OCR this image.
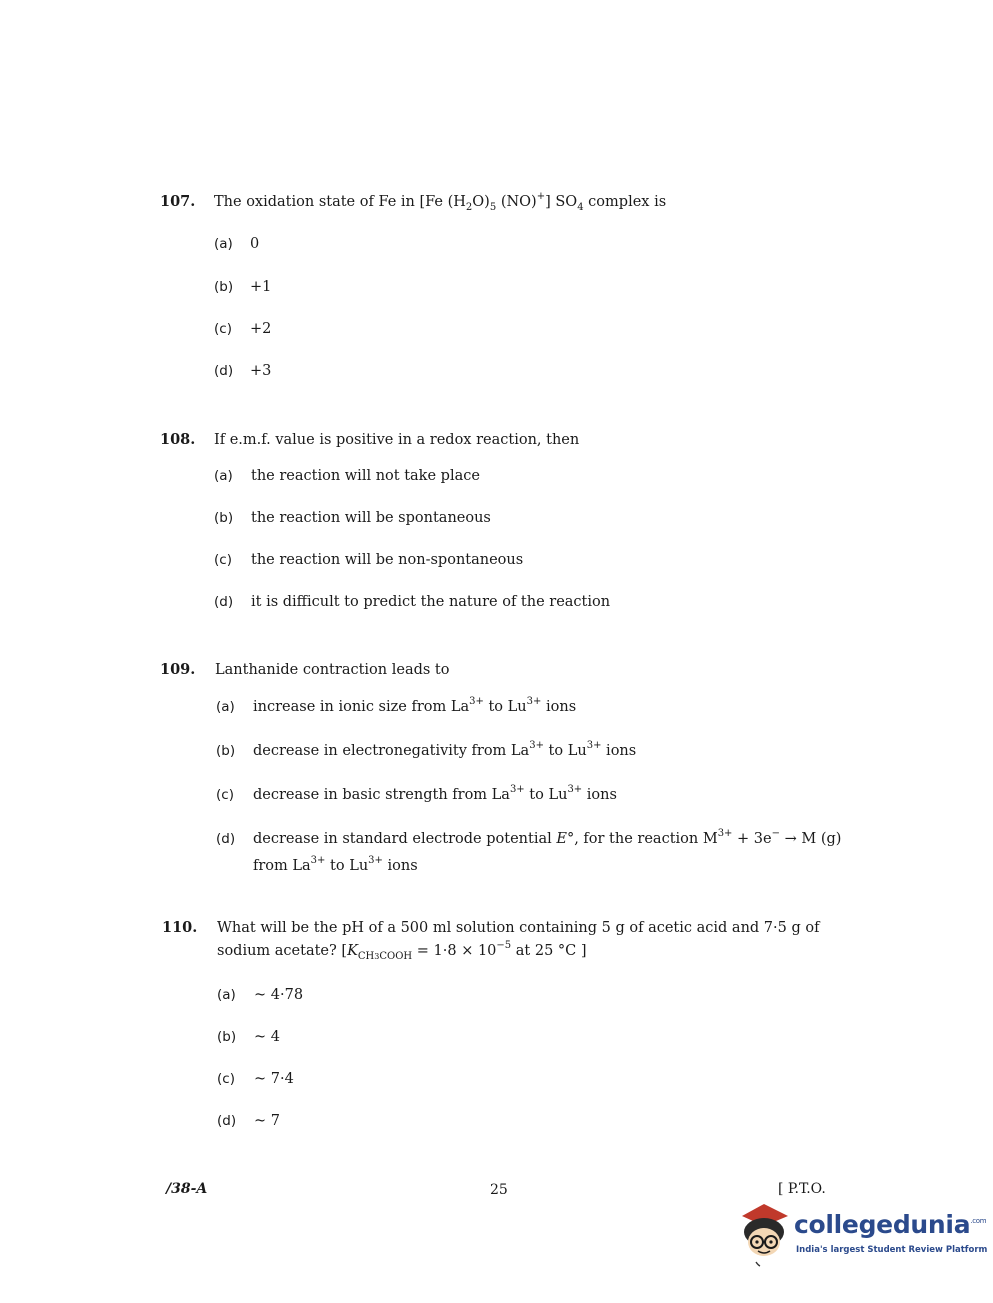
107. The oxidation state of Fe in [Fe $(H_2O)_5$ (NO)+] $SO_4$ complex is
(a) 0
(b) +1
(c) +2
(d) +3
108. If e.m.f. value is positive in a redox reaction, then
(a) the reaction will not take place
(b) the reaction will be spontaneous
(c) the reaction will be non-spontaneous
(d) it is difficult to predict the nature of the reaction
109. Lanthanide contraction leads to
(a) increase in ionic size from $La^{3+}$ to $Lu^{3+}$ ions
(b) decrease in electronegativity from $La^{3+}$ to $Lu^{3+}$ ions
(c) decrease in basic strength from $La^{3+}$ to $Lu^{3+}$ ions
(d) decrease in standard electrode potential E°, for the reaction $M^{3+} + 3e^- \to M$ (g)
from $La^{3+}$ to $Lu^{3+}$ ions
110. What will be the pH of a 500 ml solution containing 5 g of acetic acid and 7·5 g of
sodium acetate? [$K_{CH3COOH} = 1\cdot 8 \times 10^{-5}$ at 25 °C ]
(a) ~ 4·78
(b) ~ 4
(c) ~ 7·4
(d) ~ 7
/38-A	25	[ P.T.O.
collegedunia$^{.com}$
India's largest Student Review Platform
